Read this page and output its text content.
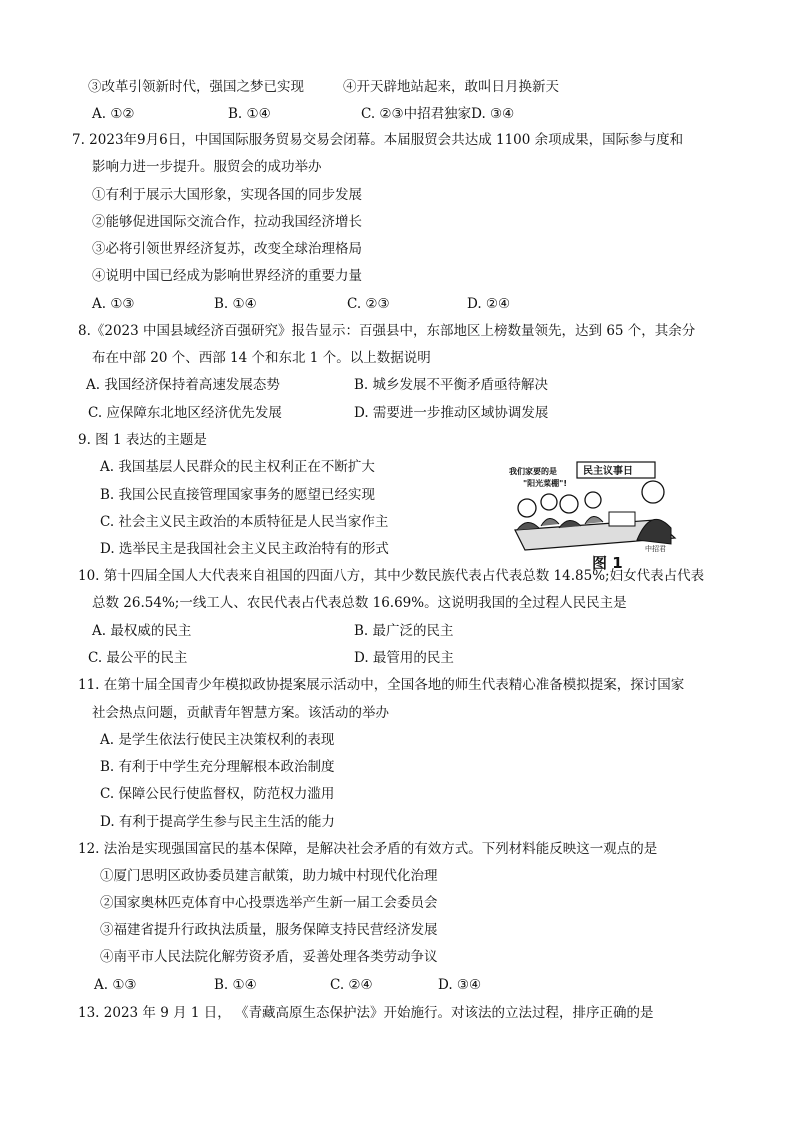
③改革引领新时代，强国之梦已实现	④开天辟地站起来，敢叫日月换新天
A. ①②	B. ①④	C. ②③中招君独家D. ③④
7. 2023年9月6日，中国国际服务贸易交易会闭幕。本届服贸会共达成 1100 余项成果，国际参与度和
影响力进一步提升。服贸会的成功举办
①有利于展示大国形象，实现各国的同步发展
②能够促进国际交流合作，拉动我国经济增长
③必将引领世界经济复苏，改变全球治理格局
④说明中国已经成为影响世界经济的重要力量
A. ①③	B. ①④	C. ②③	D. ②④
8.《2023 中国县域经济百强研究》报告显示：百强县中，东部地区上榜数量领先，达到 65 个，其余分
布在中部 20 个、西部 14 个和东北 1 个。以上数据说明
A. 我国经济保持着高速发展态势	B. 城乡发展不平衡矛盾亟待解决
C. 应保障东北地区经济优先发展	D. 需要进一步推动区域协调发展
9. 图 1 表达的主题是
A. 我国基层人民群众的民主权利正在不断扩大
B. 我国公民直接管理国家事务的愿望已经实现
C. 社会主义民主政治的本质特征是人民当家作主
D. 选举民主是我国社会主义民主政治特有的形式
我们家要的是
"阳光菜棚"!
民主议事日
中招君
图 1
10. 第十四届全国人大代表来自祖国的四面八方，其中少数民族代表占代表总数 14.85%;妇女代表占代表
总数 26.54%;一线工人、农民代表占代表总数 16.69%。这说明我国的全过程人民民主是
A. 最权威的民主	B. 最广泛的民主
C. 最公平的民主	D. 最管用的民主
11. 在第十届全国青少年模拟政协提案展示活动中，全国各地的师生代表精心准备模拟提案，探讨国家
社会热点问题，贡献青年智慧方案。该活动的举办
A. 是学生依法行使民主决策权利的表现
B. 有利于中学生充分理解根本政治制度
C. 保障公民行使监督权，防范权力滥用
D. 有利于提高学生参与民主生活的能力
12. 法治是实现强国富民的基本保障，是解决社会矛盾的有效方式。下列材料能反映这一观点的是
①厦门思明区政协委员建言献策，助力城中村现代化治理
②国家奥林匹克体育中心投票选举产生新一届工会委员会
③福建省提升行政执法质量，服务保障支持民营经济发展
④南平市人民法院化解劳资矛盾，妥善处理各类劳动争议
A. ①③	B. ①④	C. ②④	D. ③④
13. 2023 年 9 月 1 日， 《青藏高原生态保护法》开始施行。对该法的立法过程，排序正确的是
